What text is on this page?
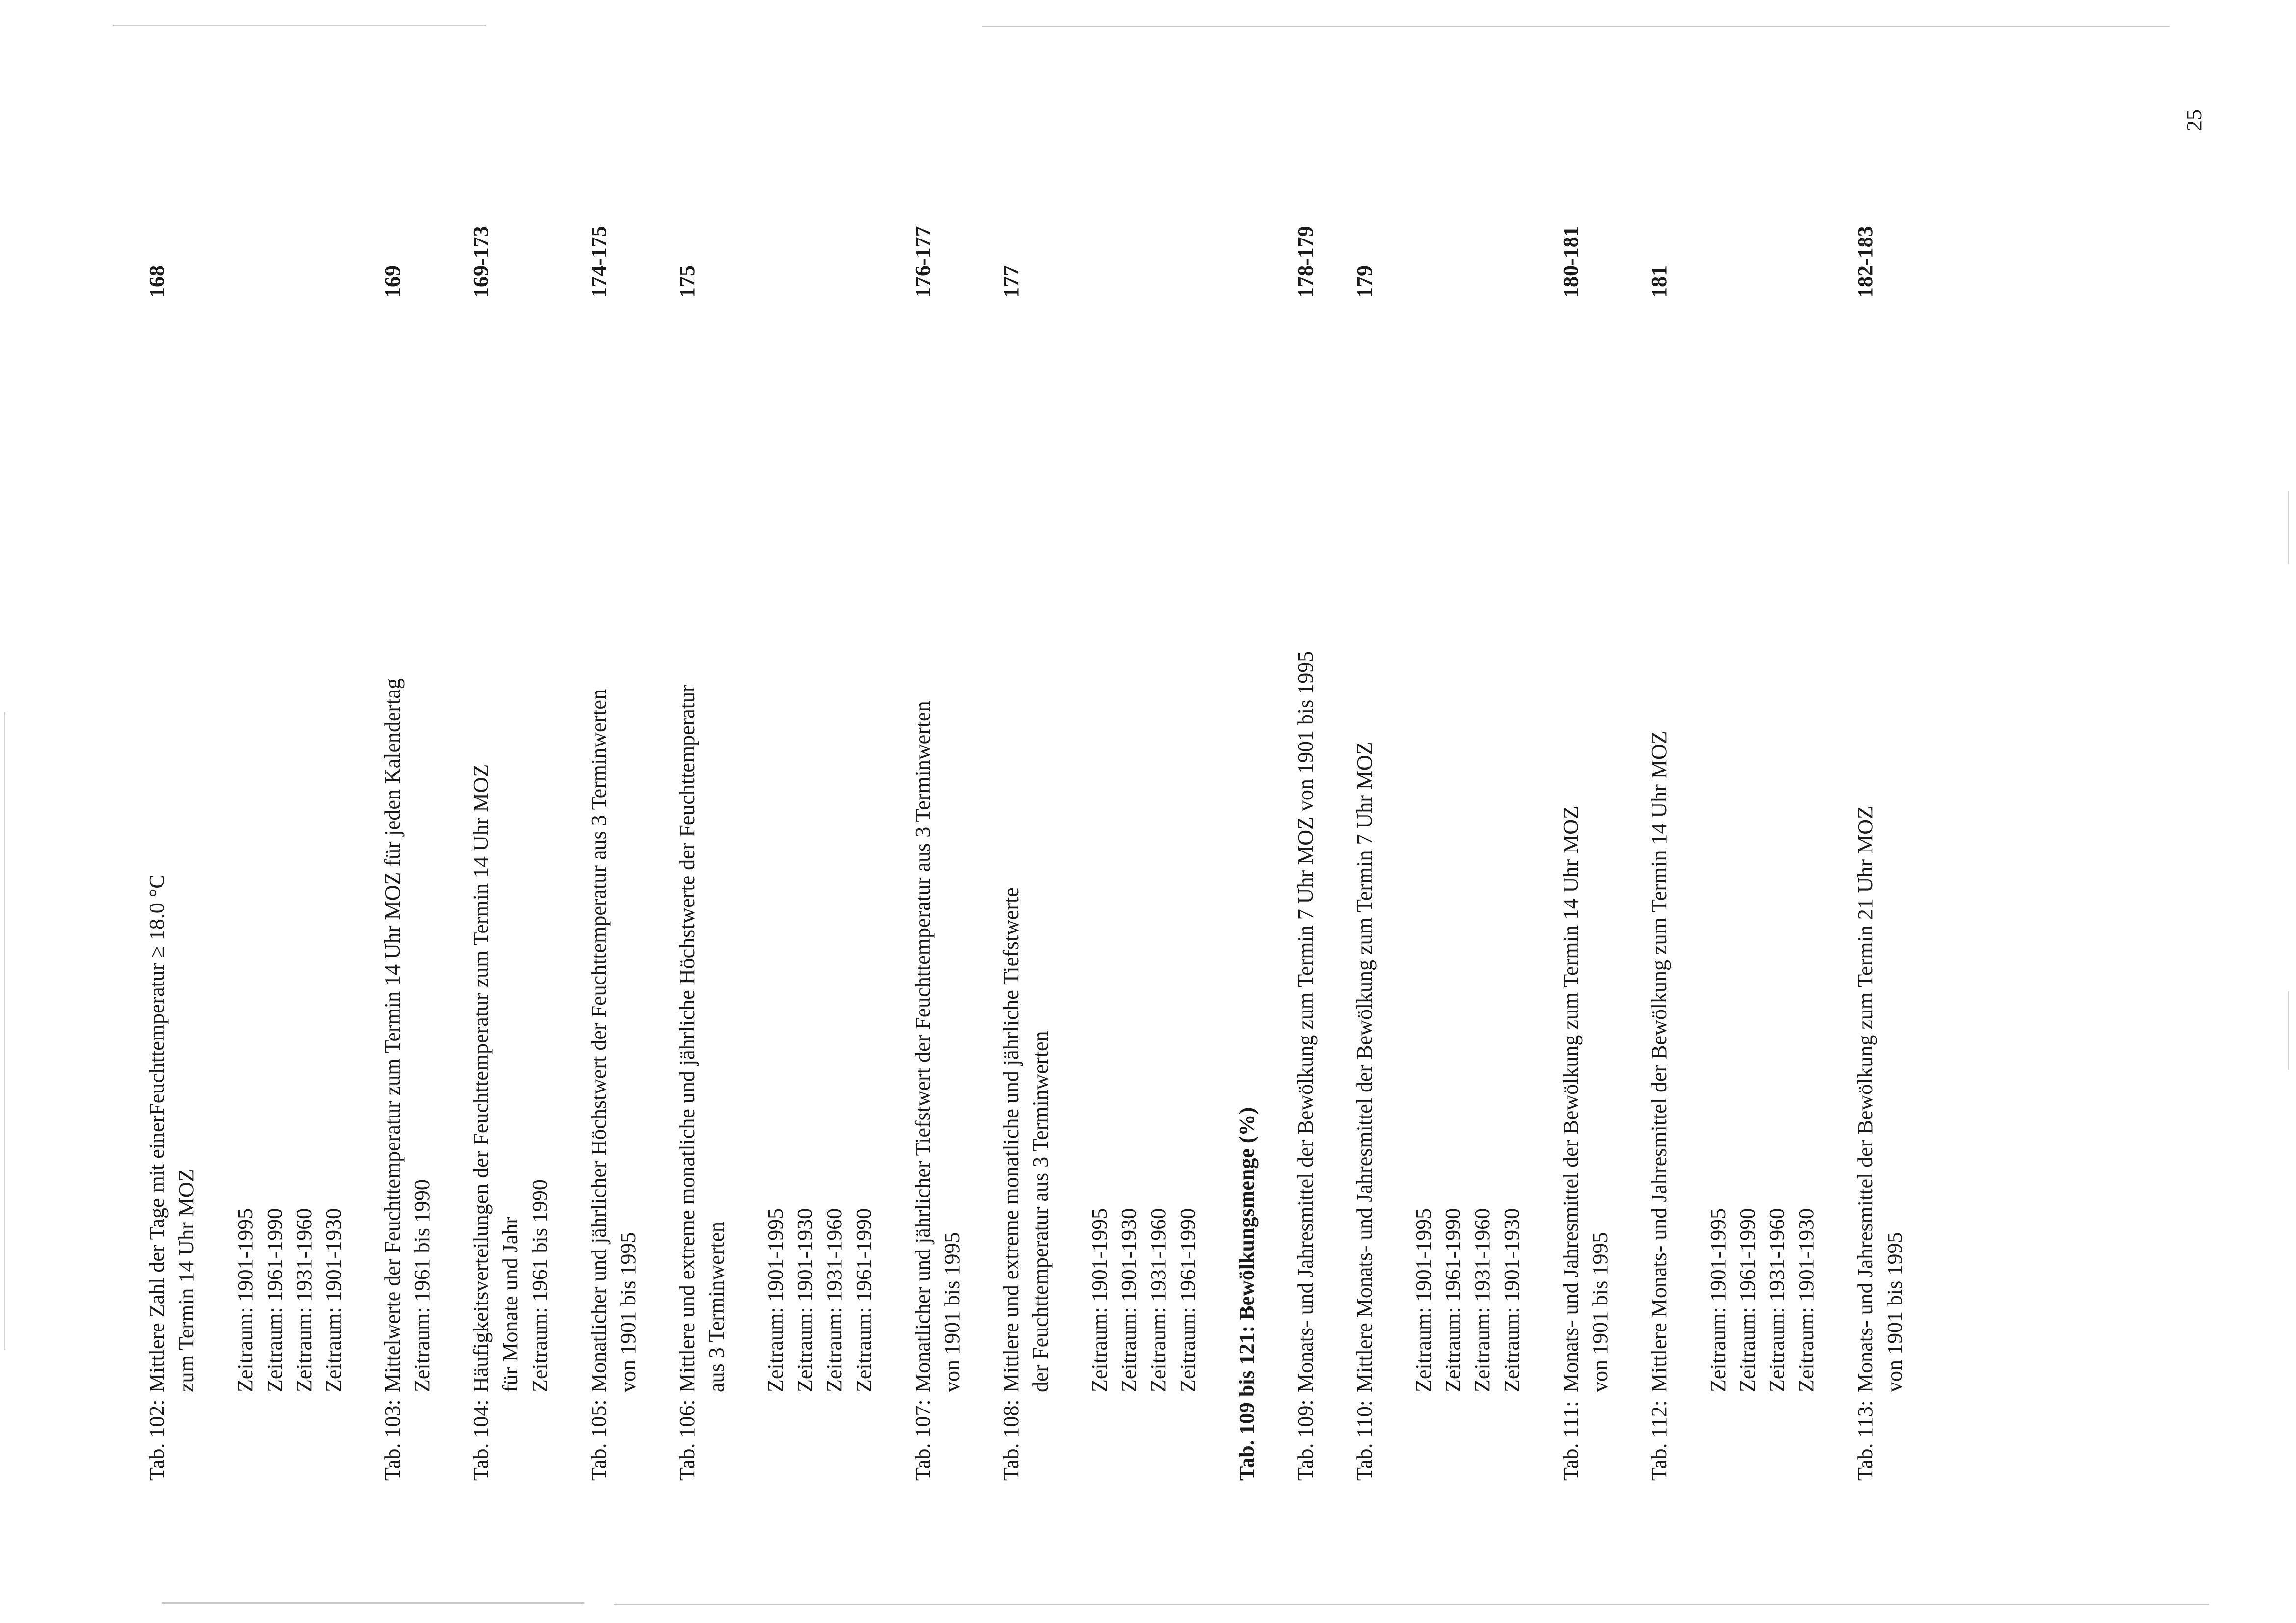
25
Tab. 102:
Mittlere Zahl der Tage mit einerFeuchttemperatur ≥ 18.0 °C zum Termin 14 Uhr MOZ
168
Zeitraum: 1901-1995 Zeitraum: 1961-1990 Zeitraum: 1931-1960 Zeitraum: 1901-1930
Tab. 103:
Mittelwerte der Feuchttemperatur zum Termin 14 Uhr MOZ für jeden Kalendertag Zeitraum: 1961 bis 1990
169
Tab. 104:
Häufigkeitsverteilungen der Feuchttemperatur zum Termin 14 Uhr MOZ für Monate und Jahr Zeitraum: 1961 bis 1990
169-173
Tab. 105:
Monatlicher und jährlicher Höchstwert der Feuchttemperatur aus 3 Terminwerten von 1901 bis 1995
174-175
Tab. 106:
Mittlere und extreme monatliche und jährliche Höchstwerte der Feuchttemperatur aus 3 Terminwerten
175
Zeitraum: 1901-1995 Zeitraum: 1901-1930 Zeitraum: 1931-1960 Zeitraum: 1961-1990
Tab. 107:
Monatlicher und jährlicher Tiefstwert der Feuchttemperatur aus 3 Terminwerten von 1901 bis 1995
176-177
Tab. 108:
Mittlere und extreme monatliche und jährliche Tiefstwerte der Feuchttemperatur aus 3 Terminwerten
177
Zeitraum: 1901-1995 Zeitraum: 1901-1930 Zeitraum: 1931-1960 Zeitraum: 1961-1990 Tab. 109 bis 121: Bewölkungsmenge (%) Tab. 109:
Monats- und Jahresmittel der Bewölkung zum Termin 7 Uhr MOZ von 1901 bis 1995
178-179
Tab. 110:
Mittlere Monats- und Jahresmittel der Bewölkung zum Termin 7 Uhr MOZ
179
Zeitraum: 1901-1995 Zeitraum: 1961-1990 Zeitraum: 1931-1960 Zeitraum: 1901-1930
Tab. 111:
Monats- und Jahresmittel der Bewölkung zum Termin 14 Uhr MOZ von 1901 bis 1995
180-181
Tab. 112:
Mittlere Monats- und Jahresmittel der Bewölkung zum Termin 14 Uhr MOZ
181
Zeitraum: 1901-1995 Zeitraum: 1961-1990 Zeitraum: 1931-1960 Zeitraum: 1901-1930
Tab. 113:
Monats- und Jahresmittel der Bewölkung zum Termin 21 Uhr MOZ von 1901 bis 1995
182-183
